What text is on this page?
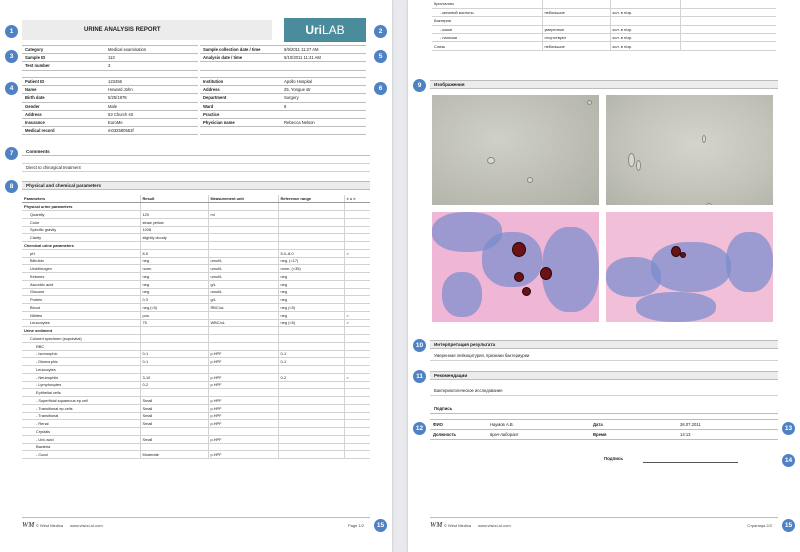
1	URINE ANALYSIS REPORT	UriLAB	2
3
Category	Medical examination
Sample ID	113
Test number	3
Sample collection date / time	6/9/2011 11:27 AM
Analysis date / time	6/10/2011 11:41 AM	5
4
Patient ID	123456
Name	Howard John
Birth date	5/25/1978
Gender	Male
Address	53 Church str
Insurance	EuroMe
Medical record	m032580553f
Institution	Apollo Hospital
Address	25, Yongue str
Department	Surgery
Ward	6
Practice
Physician name	Rebecca Nelson
6
7	Comments
Direct to chirurgical treatment
8	Physical and chemical parameters
Parameters	Result	Measurement unit	Reference range	< = >
Physical urine parameters				
Quantity	120	ml		
Color	straw yellow			
Specific gravity	1028			
Clarity	slightly cloudy			
Chemical urine parameters				
pH	8.5		5.0–8.0	>
Bilirubin	neg.	umol/L	neg. (<17)	
Urobilinogen	norm	umol/L	norm. (<35)	
Ketones	neg.	umol/L	neg	
Ascorbic acid	neg.	g/L	neg	
Glucose	neg.	umol/L	neg	
Protein	0.3	g/L	neg	
Blood	neg.(<5)	RBC/uL	neg (<5)	
Nitrites	pos.		neg	=
Leucocytes	75	WBC/uL	neg (<5)	>
Urine sediment				
Colored specimen (supravital)				
RBC				
- Isomorphic	0-1	p.HPF	0-1	
- Dismorphic	0-1	p.HPF	0-1	
Leucocytes				
- Neutrophils	3-10	p.HPF	0-2	=
- Lymphocytes	0-2	p.HPF		
Epithelial cells				
- Superficial squamous ep.cell	Small	p.HPF		
- Transitional ep.cells	Small	p.HPF		
- Transitional	Small	p.HPF		
- Renal	Small	p.HPF		
Crystals				
- Uric acid	Small	p.HPF		
Bacteria				
- Cocci	Moderate	p.HPF		
WM © West Medica www.vision-sl.com	Page 1/2	15
Кристаллы			
- мочевой кислоты	небольшое	кол. в п/зр.	
Бактерии			
- кокки	умеренное	кол. в п/зр.	
- палочки	отсутствуют	кол. в п/зр.	
Слизь	небольшое	кол. в п/зр.	
9	Изображения
10	Интерпретация результата
Умеренная лейкоцитурия, признаки бактериурии
11	Рекомендации
Бактериологическое исследование
Подпись
12
ФИО	Наумов А.В.	Дата	26.07.2011
Должность	врач-лаборант	Время	14:13
13
Подпись	14
WM © West Medica www.vision-sl.com	Страница 2/2	15
